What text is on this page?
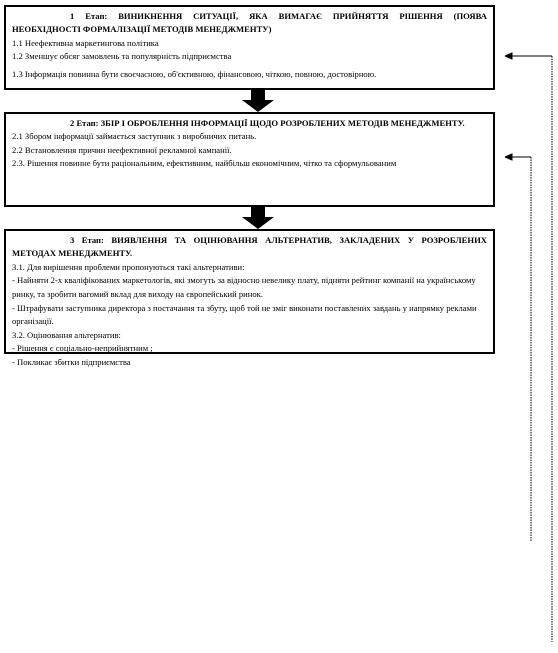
1 Етап: ВИНИКНЕННЯ СИТУАЦІЇ, ЯКА ВИМАГАЄ ПРИЙНЯТТЯ РІШЕННЯ (ПОЯВА НЕОБХІДНОСТІ ФОРМАЛІЗАЦІЇ МЕТОДІВ МЕНЕДЖМЕНТУ)

1.1 Неефективна маркетингова політика

1.2 Зменшує обсяг замовлень та популярність підприємства

1.3 Інформація повинна бути своєчасною, об'єктивною, фінансовою, чіткою, повною, достовірною.

2 Етап: ЗБІР І ОБРОБЛЕННЯ ІНФОРМАЦІЇ ЩОДО РОЗРОБЛЕНИХ МЕТОДІВ МЕНЕДЖМЕНТУ.

2.1 Збором інформації займається заступник з виробничих питань.

2.2 Встановлення причин неефективної рекламної кампанії.

2.3. Рішення повинне бути раціональним, ефективним, найбільш економічним, чітко та сформульованим

3 Етап: ВИЯВЛЕННЯ ТА ОЦІНЮВАННЯ АЛЬТЕРНАТИВ, ЗАКЛАДЕНИХ У РОЗРОБЛЕНИХ МЕТОДАХ МЕНЕДЖМЕНТУ.

3.1. Для вирішення проблеми пропонуються такі альтернативи:

- Найняти 2-х кваліфікованих маркетологів, які змогуть за відносно невелику плату, підняти рейтинг компанії на українському ринку, та зробити вагомий вклад для виходу на європейський ринок.

- Штрафувати заступника директора з постачання та збуту, щоб той не зміг виконати поставлених завдань у напрямку реклами організації.

3.2. Оцінювання альтернатив:

- Рішення є соціально-неприйнятним ;

- Покликає збитки підприємства
